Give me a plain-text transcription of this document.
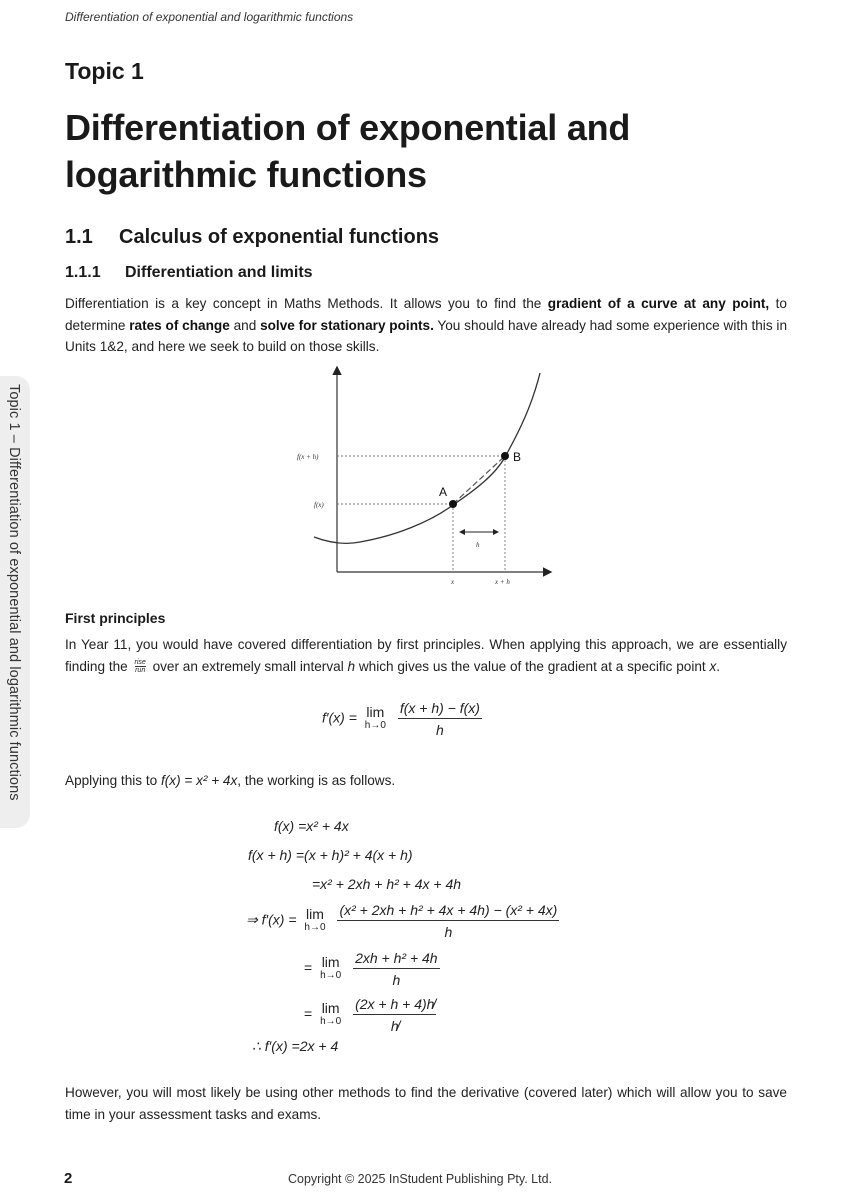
Differentiation of exponential and logarithmic functions
Topic 1 – Differentiation of exponential and logarithmic functions
Topic 1
Differentiation of exponential and logarithmic functions
1.1 Calculus of exponential functions
1.1.1 Differentiation and limits

Differentiation is a key concept in Maths Methods. It allows you to find the gradient of a curve at any point, to determine rates of change and solve for stationary points. You should have already had some experience with this in Units 1&2, and here we seek to build on those skills.

f(x + h)
f(x)
A
B
h
x	x + h
First principles

In Year 11, you would have covered differentiation by first principles. When applying this approach, we are essentially finding the $\frac{\text{rise}}{\text{run}}$ over an extremely small interval h which gives us the value of the gradient at a specific point x.

f′(x) = lim
h→0
$\frac{f(x + h) - f(x)}{h}$

Applying this to f(x) = x² + 4x, the working is as follows.

f(x) =x² + 4x
f(x + h) =(x + h)² + 4(x + h)
=x² + 2xh + h² + 4x + 4h
⇒ f′(x) = lim
h→0
$\frac{\text{(x² + 2xh + h² + 4x + 4h) − (x² + 4x)}}{h}$
= lim
h→0
$\frac{\text{2xh + h² + 4h}}{h}$
= lim
h→0
$\frac{(2x + h + 4)h̸}{h̸}$
∴ f′(x) =2x + 4

However, you will most likely be using other methods to find the derivative (covered later) which will allow you to save time in your assessment tasks and exams.

2	Copyright © 2025 InStudent Publishing Pty. Ltd.
